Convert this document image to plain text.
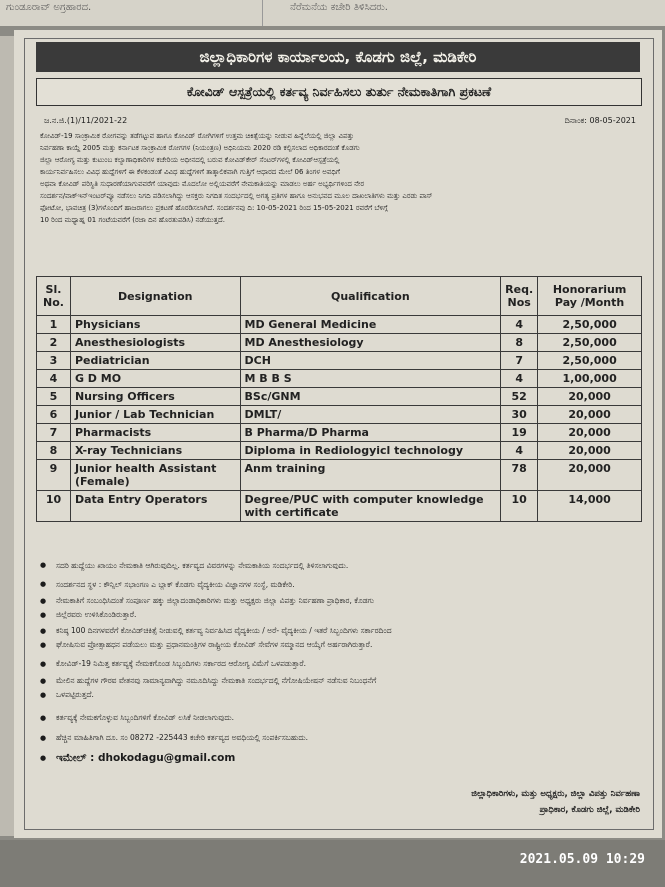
ಗುಂಡೂರಾವ್ ಅಗ್ರಹಾರದ.	ನೆರೆಮನೆಯ ಕಚೇರಿ ತಿಳಿಸಿದರು.
ಜಿಲ್ಲಾಧಿಕಾರಿಗಳ ಕಾರ್ಯಾಲಯ, ಕೊಡಗು ಜಿಲ್ಲೆ, ಮಡಿಕೇರಿ
ಕೋವಿಡ್ ಆಸ್ಪತ್ರೆಯಲ್ಲಿ ಕರ್ತವ್ಯ ನಿರ್ವಹಿಸಲು ತುರ್ತು ನೇಮಕಾತಿಗಾಗಿ ಪ್ರಕಟಣೆ
ಜ.ನ.ಜಿ.(1)/11/2021-22	ದಿನಾಂಕ: 08-05-2021

ಕೋವಿಡ್-19 ಸಾಂಕ್ರಾಮಿಕ ರೋಗವನ್ನು ತಡೆಗಟ್ಟುವ ಹಾಗೂ ಕೋವಿಡ್ ರೋಗಿಗಳಿಗೆ ಉತ್ತಮ ಚಿಕಿತ್ಸೆಯನ್ನು ನೀಡುವ ಹಿನ್ನೆಲೆಯಲ್ಲಿ ಜಿಲ್ಲಾ ವಿಪತ್ತು

ನಿರ್ವಹಣಾ ಕಾಯ್ದೆ 2005 ಮತ್ತು ಕರ್ನಾಟಕ ಸಾಂಕ್ರಾಮಿಕ ರೋಗಗಳ (ನಿಯಂತ್ರಣ) ಅಧಿನಿಯಮ 2020 ರಡಿ ಕಲ್ಪಿಸಲಾದ ಅಧಿಕಾರದಂತೆ ಕೊಡಗು

ಜಿಲ್ಲಾ ಆರೋಗ್ಯ ಮತ್ತು ಕುಟುಂಬ ಕಲ್ಯಾಣಾಧಿಕಾರಿಗಳ ಕಚೇರಿಯ ಅಧೀನದಲ್ಲಿ ಬರುವ ಕೋವಿಡ್‌ಕೇರ್ ಸೆಂಟರ್‌ಗಳಲ್ಲಿ ಕೋವಿಡ್‌ಆಸ್ಪತ್ರೆಯಲ್ಲಿ

ಕಾರ್ಯನಿರ್ವಹಿಸಲು ವಿವಿಧ ಹುದ್ದೆಗಳಿಗೆ ಈ ಕೆಳಕಂಡಂತೆ ವಿವಿಧ ಹುದ್ದೆಗಳಿಗೆ ತಾತ್ಕಾಲಿಕವಾಗಿ ಗುತ್ತಿಗೆ ಆಧಾರದ ಮೇಲೆ 06 ತಿಂಗಳ ಅವಧಿಗೆ

ಅಥವಾ ಕೋವಿಡ್ ಪರಿಸ್ಥಿತಿ ಸುಧಾರಣೆಯಾಗುವವರೆಗೆ ಯಾವುದು ಮೊದಲೋ ಅಲ್ಲಿಯವರೆಗೆ ನೇಮಕಾತಿಯನ್ನು ಮಾಡಲು ಅರ್ಹ ಅಭ್ಯರ್ಥಿಗಳಿಂದ ನೇರ

ಸಂದರ್ಶನ/ವಾಕ್‌ಇನ್‌ಇಂಟರ್‌ವ್ಯೂ ನಡೆಸಲು ನಿಗದಿ ಪಡಿಸಲಾಗಿದ್ದು ಆಸಕ್ತರು ನಿಗದಿತ ಸಂದರ್ಭದಲ್ಲಿ ಅಗತ್ಯ ಪ್ರತಿಗಳ ಹಾಗೂ ಅನುಭವದ ಮೂಲ ದಾಖಲಾತಿಗಳು ಮತ್ತು ಎರಡು ಪಾಸ್

ಫೋಟೋ, ಭಾವಚಿತ್ರ (3)ಗಳೊಂದಿಗೆ ಹಾಜರಾಗಲು ಪ್ರಕಟಣೆ ಹೊರಡಿಸಲಾಗಿದೆ. ಸಂದರ್ಶನವು ದಿ: 10-05-2021 ರಿಂದ 15-05-2021 ರವರೆಗೆ ಬೆಳಿಗ್ಗೆ

10 ರಿಂದ ಮಧ್ಯಾಹ್ನ 01 ಗಂಟೆಯವರೆಗೆ (ರಜಾ ದಿನ ಹೊರತುಪಡಿಸಿ) ನಡೆಯುತ್ತದೆ.

Sl. No.	Designation	Qualification	Req. Nos	Honorarium Pay /Month
1	Physicians	MD General Medicine	4	2,50,000
2	Anesthesiologists	MD Anesthesiology	8	2,50,000
3	Pediatrician	DCH	7	2,50,000
4	G D MO	M B B S	4	1,00,000
5	Nursing Officers	BSc/GNM	52	20,000
6	Junior / Lab Technician	DMLT/	30	20,000
7	Pharmacists	B Pharma/D Pharma	19	20,000
8	X-ray Technicians	Diploma in Rediologyicl technology	4	20,000
9	Junior health Assistant (Female)	Anm training	78	20,000
10	Data Entry Operators	Degree/PUC with computer knowledge with certificate	10	14,000
● ಸದರಿ ಹುದ್ದೆಯು ಖಾಯಂ ನೇಮಕಾತಿ ಆಗಿರುವುದಿಲ್ಲ. ಕರ್ತವ್ಯದ ವಿವರಗಳನ್ನು ನೇಮಕಾತಿಯ ಸಂದರ್ಭದಲ್ಲಿ ತಿಳಿಸಲಾಗುವುದು.
● ಸಂದರ್ಶನದ ಸ್ಥಳ : ಕೌನ್ಸಿಲ್ ಸಭಾಂಗಣ ಎ ಬ್ಲಾಕ್ ಕೊಡಗು ವೈದ್ಯಕೀಯ ವಿಜ್ಞಾನಗಳ ಸಂಸ್ಥೆ, ಮಡಿಕೇರಿ.
● ನೇಮಕಾತಿಗೆ ಸಂಬಂಧಿಸಿದಂತೆ ಸಂಪೂರ್ಣ ಹಕ್ಕು ಜಿಲ್ಲಾದಂಡಾಧಿಕಾರಿಗಳು ಮತ್ತು ಅಧ್ಯಕ್ಷರು ಜಿಲ್ಲಾ ವಿಪತ್ತು ನಿರ್ವಹಣಾ ಪ್ರಾಧಿಕಾರ, ಕೊಡಗು
● ಜಿಲ್ಲೆರವರು ಉಳಿಸಿಕೊಂಡಿರುತ್ತಾರೆ.
● ಕನಿಷ್ಠ 100 ದಿನಗಳವರೆಗೆ ಕೋವಿಡ್‌ಚಿಕಿತ್ಸೆ ನೀಡುವಲ್ಲಿ ಕರ್ತವ್ಯ ನಿರ್ವಹಿಸಿದ ವೈದ್ಯಕೀಯ / ಅರೆ- ವೈದ್ಯಕೀಯ / ಇತರೆ ಸಿಬ್ಬಂದಿಗಳು ಸರ್ಕಾರದಿಂದ
● ಘೋಷಿಸುವ ಪ್ರೋತ್ಸಾಹಧನ ಪಡೆಯಲು ಮತ್ತು ಪ್ರಧಾನಮಂತ್ರಿಗಳ ರಾಷ್ಟ್ರೀಯ ಕೋವಿಡ್ ಸೇವೆಗಳ ಸಮ್ಮಾನದ ಆಯ್ಕೆಗೆ ಅರ್ಹರಾಗಿರುತ್ತಾರೆ.
● ಕೋವಿಡ್-19 ನಿಮಿತ್ತ ಕರ್ತವ್ಯಕ್ಕೆ ನೇಮಕಗೊಂಡ ಸಿಬ್ಬಂದಿಗಳು ಸರ್ಕಾರದ ಆರೋಗ್ಯ ವಿಮೆಗೆ ಒಳಪಡುತ್ತಾರೆ.
● ಮೇಲಿನ ಹುದ್ದೆಗಳ ಗೌರವ ವೇತನವು ಸಾಮಾನ್ಯವಾಗಿದ್ದು ನಮೂದಿಸಿದ್ದು ನೇಮಕಾತಿ ಸಂದರ್ಭದಲ್ಲಿ ನೆಗೋಷಿಯೇಷನ್ ನಡೆಸುವ ನಿಬಂಧನೆಗೆ
● ಒಳಪಟ್ಟಿರುತ್ತದೆ.
● ಕರ್ತವ್ಯಕ್ಕೆ ನೇಮಕಗೊಳ್ಳುವ ಸಿಬ್ಬಂದಿಗಳಿಗೆ ಕೋವಿಡ್ ಲಸಿಕೆ ನೀಡಲಾಗುವುದು.
● ಹೆಚ್ಚಿನ ಮಾಹಿತಿಗಾಗಿ ದೂ. ಸಂ 08272 -225443 ಕಚೇರಿ ಕರ್ತವ್ಯದ ಅವಧಿಯಲ್ಲಿ ಸಂಪರ್ಕಿಸಬಹುದು.
● ಇಮೇಲ್ : dhokodagu@gmail.com
ಜಿಲ್ಲಾಧಿಕಾರಿಗಳು, ಮತ್ತು ಅಧ್ಯಕ್ಷರು, ಜಿಲ್ಲಾ ವಿಪತ್ತು ನಿರ್ವಹಣಾ
ಪ್ರಾಧಿಕಾರ, ಕೊಡಗು ಜಿಲ್ಲೆ, ಮಡಿಕೇರಿ
2021.05.09 10:29
